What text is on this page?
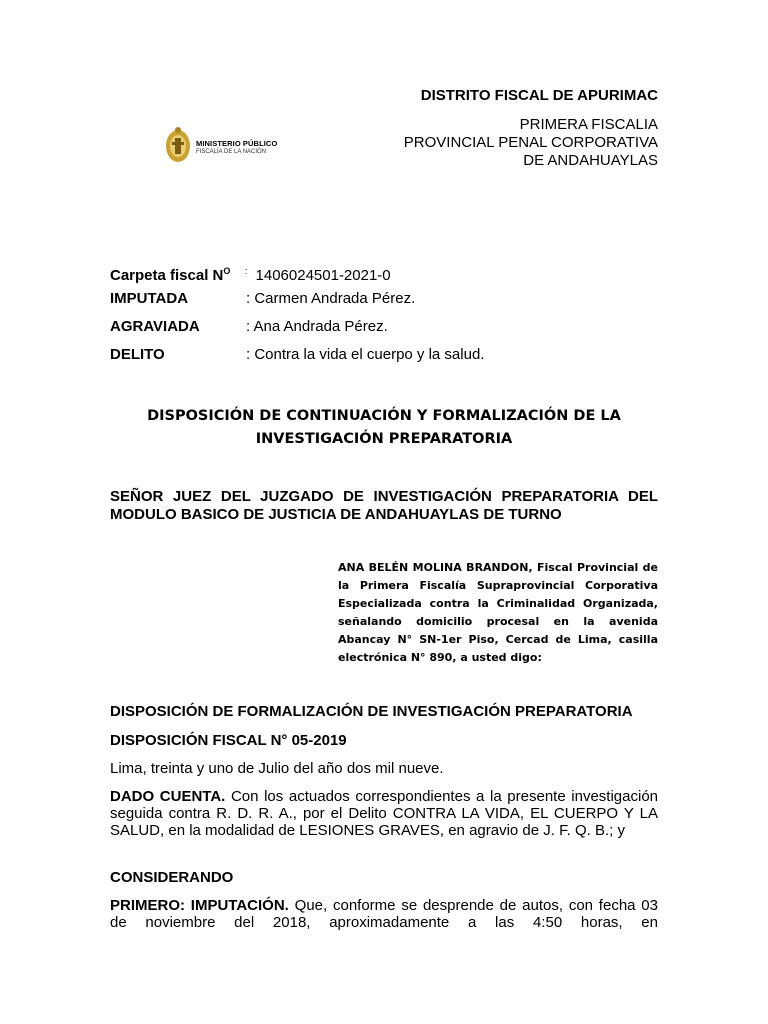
DISTRITO FISCAL DE APURIMAC
PRIMERA FISCALIA
PROVINCIAL PENAL CORPORATIVA
DE ANDAHUAYLAS
MINISTERIO PÚBLICO
FISCALÍA DE LA NACIÓN
Carpeta fiscal $N^O$ : 1406024501-2021-0
IMPUTADA	: Carmen Andrada Pérez.
AGRAVIADA	: Ana Andrada Pérez.
DELITO	: Contra la vida el cuerpo y la salud.
DISPOSICIÓN DE CONTINUACIÓN Y FORMALIZACIÓN DE LA
INVESTIGACIÓN PREPARATORIA
SEÑOR JUEZ DEL JUZGADO DE INVESTIGACIÓN PREPARATORIA DEL MODULO BASICO DE JUSTICIA DE ANDAHUAYLAS DE TURNO
ANA BELÉN MOLINA BRANDON, Fiscal Provincial de la Primera Fiscalía Supraprovincial Corporativa Especializada contra la Criminalidad Organizada, señalando domicilio procesal en la avenida Abancay N° SN-1er Piso, Cercad de Lima, casilla electrónica N° 890, a usted digo:
DISPOSICIÓN DE FORMALIZACIÓN DE INVESTIGACIÓN PREPARATORIA
DISPOSICIÓN FISCAL N° 05-2019
Lima, treinta y uno de Julio del año dos mil nueve.
DADO CUENTA. Con los actuados correspondientes a la presente investigación seguida contra R. D. R. A., por el Delito CONTRA LA VIDA, EL CUERPO Y LA SALUD, en la modalidad de LESIONES GRAVES, en agravio de J. F. Q. B.; y
CONSIDERANDO
PRIMERO: IMPUTACIÓN. Que, conforme se desprende de autos, con fecha 03 de noviembre del 2018, aproximadamente a las 4:50 horas, en
